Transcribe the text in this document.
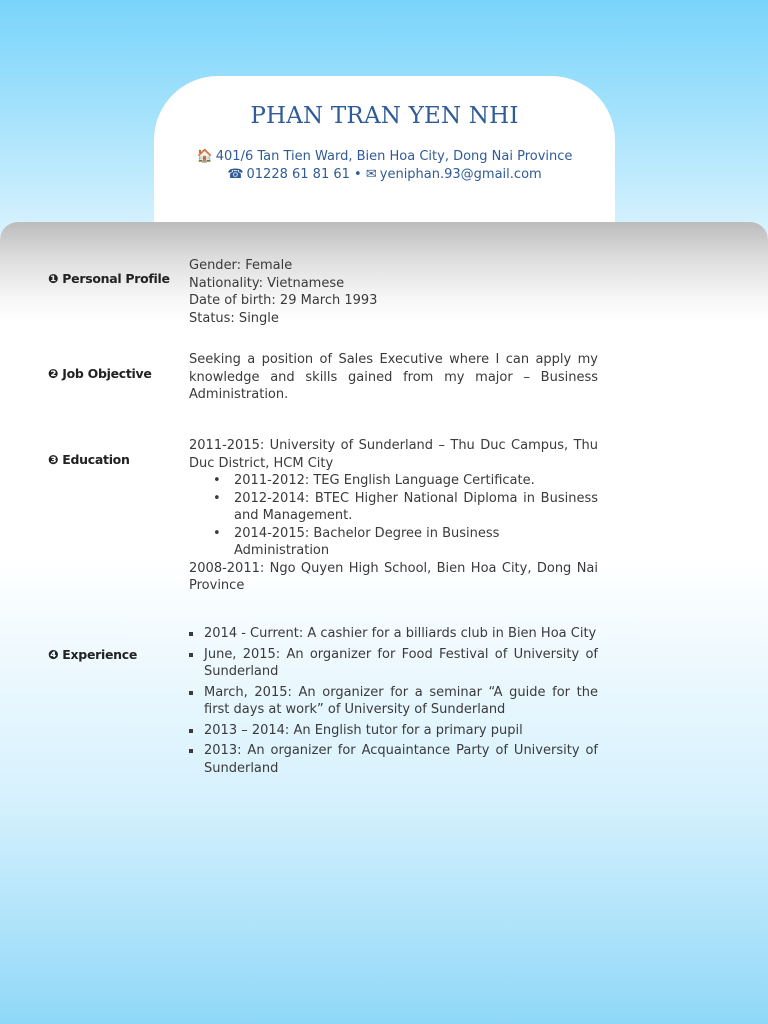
PHAN TRAN YEN NHI
🏠 401/6 Tan Tien Ward, Bien Hoa City, Dong Nai Province
☎ 01228 61 81 61 • ✉ yeniphan.93@gmail.com
❶ Personal Profile
Gender: Female
Nationality: Vietnamese
Date of birth: 29 March 1993
Status: Single
❷ Job Objective
Seeking a position of Sales Executive where I can apply my knowledge and skills gained from my major – Business Administration.
❸ Education
2011-2015: University of Sunderland – Thu Duc Campus, Thu Duc District, HCM City
• 2011-2012: TEG English Language Certificate.
• 2012-2014: BTEC Higher National Diploma in Business and Management.
• 2014-2015: Bachelor Degree in Business Administration
2008-2011: Ngo Quyen High School, Bien Hoa City, Dong Nai Province
❹ Experience
2014 - Current: A cashier for a billiards club in Bien Hoa City
June, 2015: An organizer for Food Festival of University of Sunderland
March, 2015: An organizer for a seminar “A guide for the first days at work” of University of Sunderland
2013 – 2014: An English tutor for a primary pupil
2013: An organizer for Acquaintance Party of University of Sunderland
